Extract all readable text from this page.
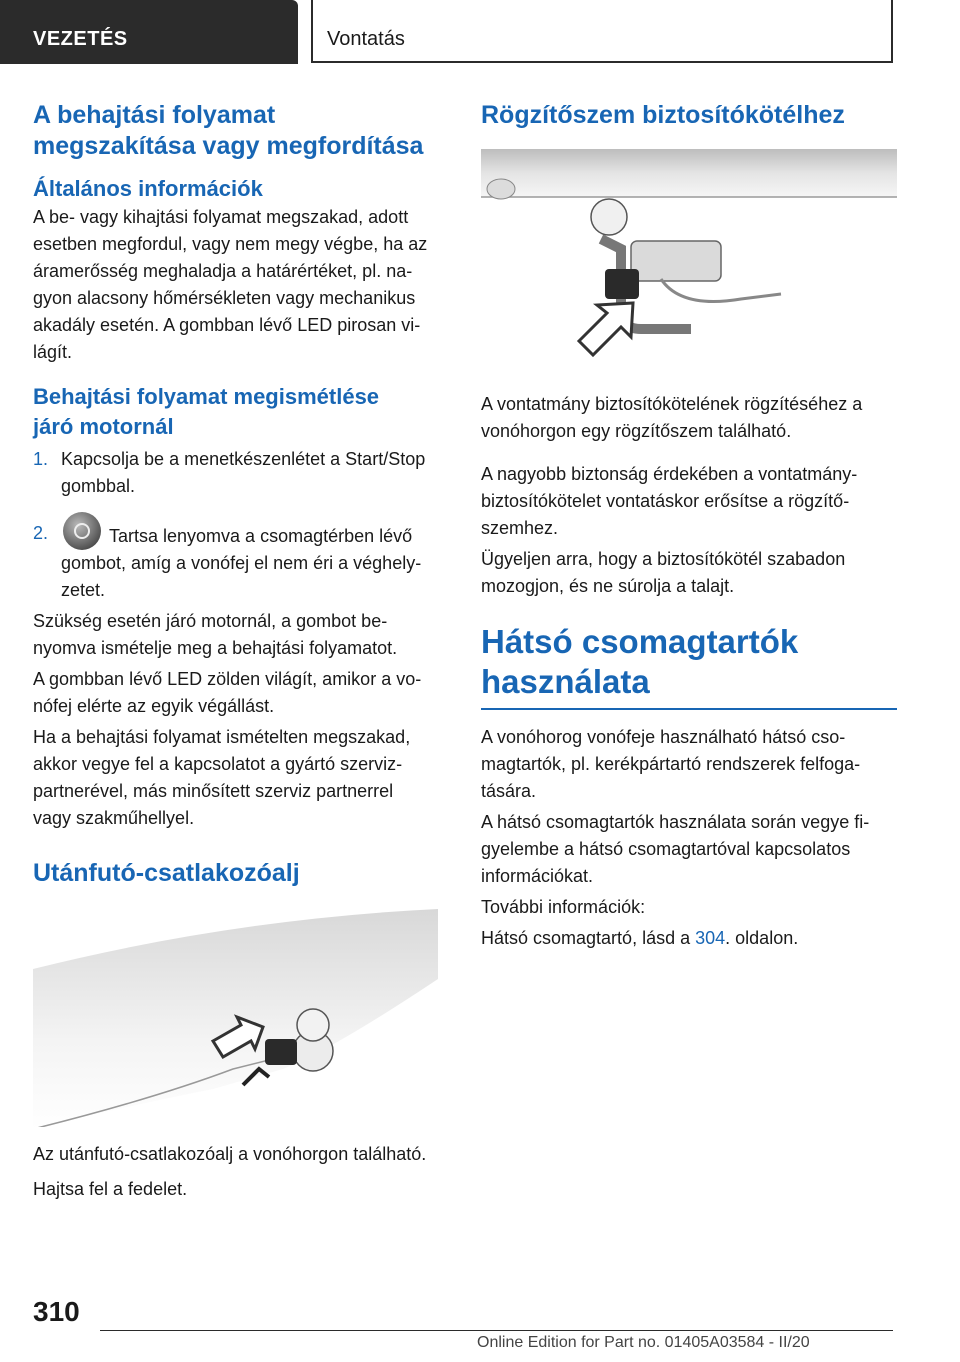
VEZETÉS	Vontatás
A behajtási folyamat
megszakítása vagy megfordítása
Általános információk

A be- vagy kihajtási folyamat megszakad, adott
esetben megfordul, vagy nem megy végbe, ha az
áramerősség meghaladja a határértéket, pl. na-
gyon alacsony hőmérsékleten vagy mechanikus
akadály esetén. A gombban lévő LED pirosan vi-
lágít.

Behajtási folyamat megismétlése
járó motornál
1. Kapcsolja be a menetkészenlétet a Start/Stop
gombbal.
2.	Tartsa lenyomva a csomagtérben lévő
gombot, amíg a vonófej el nem éri a véghely-
zetet.

Szükség esetén járó motornál, a gombot be-
nyomva ismételje meg a behajtási folyamatot.

A gombban lévő LED zölden világít, amikor a vo-
nófej elérte az egyik végállást.

Ha a behajtási folyamat ismételten megszakad,
akkor vegye fel a kapcsolatot a gyártó szerviz-
partnerével, más minősített szerviz partnerrel
vagy szakműhellyel.

Utánfutó-csatlakozóalj

Az utánfutó-csatlakozóalj a vonóhorgon található.

Hajtsa fel a fedelet.

Rögzítőszem biztosítókötélhez

A vontatmány biztosítókötelének rögzítéséhez a
vonóhorgon egy rögzítőszem található.

A nagyobb biztonság érdekében a vontatmány-
biztosítókötelet vontatáskor erősítse a rögzítő-
szemhez.

Ügyeljen arra, hogy a biztosítókötél szabadon
mozogjon, és ne súrolja a talajt.

Hátsó csomagtartók
használata

A vonóhorog vonófeje használható hátsó cso-
magtartók, pl. kerékpártartó rendszerek felfoga-
tására.

A hátsó csomagtartók használata során vegye fi-
gyelembe a hátsó csomagtartóval kapcsolatos
információkat.

További információk:

Hátsó csomagtartó, lásd a 304. oldalon.

310
Online Edition for Part no. 01405A03584 - II/20
